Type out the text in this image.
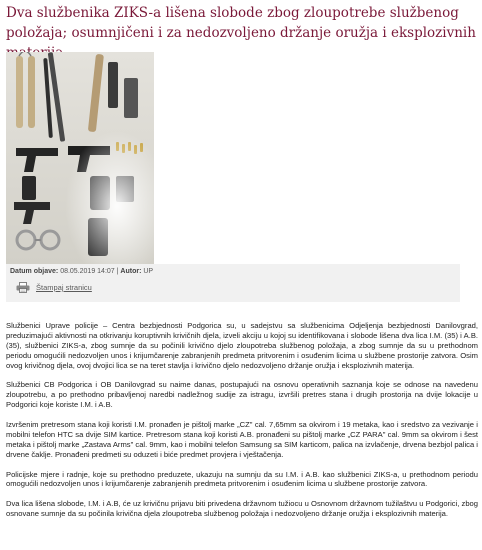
Dva službenika ZIKS-a lišena slobode zbog zloupotrebe službenog položaja; osumnjičeni i za nedozvoljeno držanje oružja i eksplozivnih
Datum objave: 08.05.2019 14:07 | Autor: UP
Štampaj stranicu

Službenici Uprave policije – Centra bezbjednosti Podgorica su, u sadejstvu sa službenicima Odjeljenja bezbjednosti Danilovgrad, preduzimajući aktivnosti na otkrivanju koruptivnih krivičnih djela, izveli akciju u kojoj su identifikovana i slobode lišena dva lica I.M. (35) i A.B. (35), službenici ZIKS-a, zbog sumnje da su počinili krivično djelo zloupotreba službenog položaja, a zbog sumnje da su u prethodnom periodu omogućili nedozvoljen unos i krijumčarenje zabranjenih predmeta pritvorenim i osuđenim licima u službene prostorije zatvora. Osim ovog krivičnog djela, ovoj dvojici lica se na teret stavlja i krivično djelo nedozvoljeno držanje oružja i eksplozivnih materija.

Službenici CB Podgorica i OB Danilovgrad su naime danas, postupajući na osnovu operativnih saznanja koje se odnose na navedenu zloupotrebu, a po prethodno pribavljenoj naredbi nadležnog sudije za istragu, izvršili pretres stana i drugih prostorija na dvije lokacije u Podgorici koje koriste I.M. i A.B.

Izvršenim pretresom stana koji koristi I.M. pronađen je pištolj marke „CZ" cal. 7,65mm sa okvirom i 19 metaka, kao i sredstvo za vezivanje i mobilni telefon HTC sa dvije SIM kartice. Pretresom stana koji koristi A.B. pronađeni su pištolj marke „CZ PARA" cal. 9mm sa okvirom i šest metaka i pištolj marke „Zastava Arms" cal. 9mm, kao i mobilni telefon Samsung sa SIM karticom, palica na izvlačenje, drvena bezbjol palica i drvene čaklje. Pronađeni predmeti su oduzeti i biće predmet provjera i vještačenja.

Policijske mjere i radnje, koje su prethodno preduzete, ukazuju na sumnju da su I.M. i A.B. kao službenici ZIKS-a, u prethodnom periodu omogućili nedozvoljen unos i krijumčarenje zabranjenih predmeta pritvorenim i osuđenim licima u službene prostorije zatvora.

Dva lica lišena slobode, I.M. i A.B, će uz krivičnu prijavu biti privedena državnom tužiocu u Osnovnom državnom tužilaštvu u Podgorici, zbog osnovane sumnje da su počinila krivična djela zloupotreba službenog položaja i nedozvoljeno držanje oružja i eksplozivnih materija.
